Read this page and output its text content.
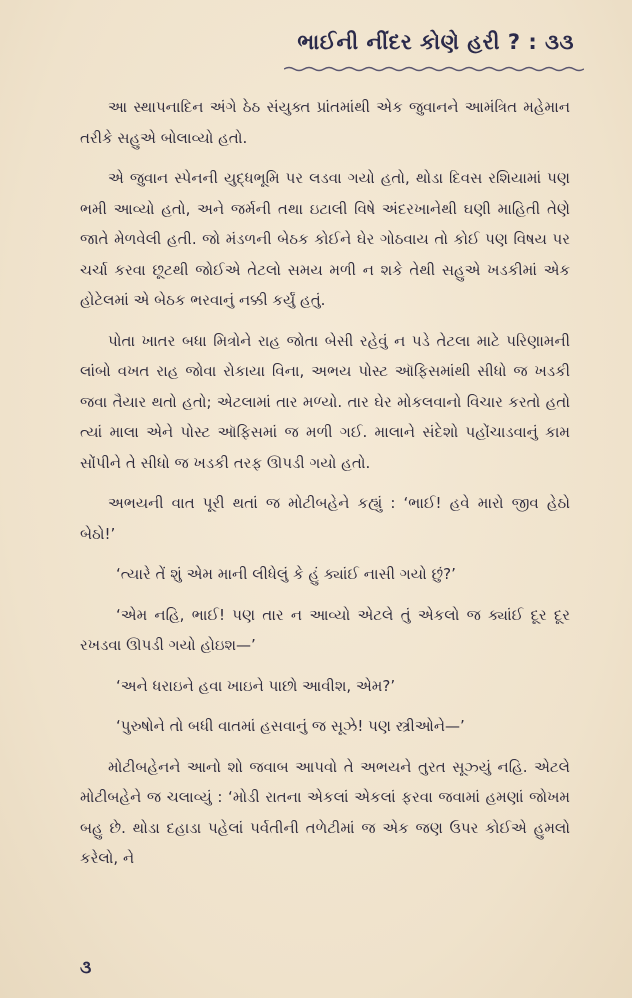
ભાઈની નીંદર કોણે હરી ? : ૩૩

આ સ્થાપનાદિન અંગે ઠેઠ સંયુક્ત પ્રાંતમાંથી એક જુવાનને આમંત્રિત મહેમાન તરીકે સહુએ બોલાવ્યો હતો.

એ જુવાન સ્પેનની યુદ્ધભૂમિ પર લડવા ગયો હતો, થોડા દિવસ રશિયામાં પણ ભમી આવ્યો હતો, અને જર્મની તથા ઇટાલી વિષે અંદરખાનેથી ઘણી માહિતી તેણે જાતે મેળવેલી હતી. જો મંડળની બેઠક કોઈને ઘેર ગોઠવાય તો કોઈ પણ વિષય પર ચર્ચા કરવા છૂટથી જોઈએ તેટલો સમય મળી ન શકે તેથી સહુએ ખડકીમાં એક હોટેલમાં એ બેઠક ભરવાનું નક્કી કર્યું હતું.

પોતા ખાતર બધા મિત્રોને રાહ જોતા બેસી રહેવું ન પડે તેટલા માટે પરિણામની લાંબો વખત રાહ જોવા રોકાયા વિના, અભય પોસ્ટ ઑફિસમાંથી સીધો જ ખડકી જવા તૈયાર થતો હતો; એટલામાં તાર મળ્યો. તાર ઘેર મોકલવાનો વિચાર કરતો હતો ત્યાં માલા એને પોસ્ટ ઑફિસમાં જ મળી ગઈ. માલાને સંદેશો પહોંચાડવાનું કામ સોંપીને તે સીધો જ ખડકી તરફ ઊપડી ગયો હતો.

અભયની વાત પૂરી થતાં જ મોટીબહેને કહ્યું : ‘ભાઈ! હવે મારો જીવ હેઠો બેઠો!’

‘ત્યારે તેં શું એમ માની લીધેલું કે હું ક્યાંઈ નાસી ગયો છું?’

‘એમ નહિ, ભાઈ! પણ તાર ન આવ્યો એટલે તું એકલો જ ક્યાંઈ દૂર દૂર રખડવા ઊપડી ગયો હોઇશ—’

‘અને ધરાઇને હવા ખાઇને પાછો આવીશ, એમ?’

‘પુરુષોને તો બધી વાતમાં હસવાનું જ સૂઝે! પણ સ્ત્રીઓને—’

મોટીબહેનને આનો શો જવાબ આપવો તે અભયને તુરત સૂઝ્યું નહિ. એટલે મોટીબહેને જ ચલાવ્યું : ‘મોડી રાતના એકલાં એકલાં ફરવા જવામાં હમણાં જોખમ બહુ છે. થોડા દહાડા પહેલાં પર્વતીની તળેટીમાં જ એક જણ ઉપર કોઈએ હુમલો કરેલો, ને

૩
